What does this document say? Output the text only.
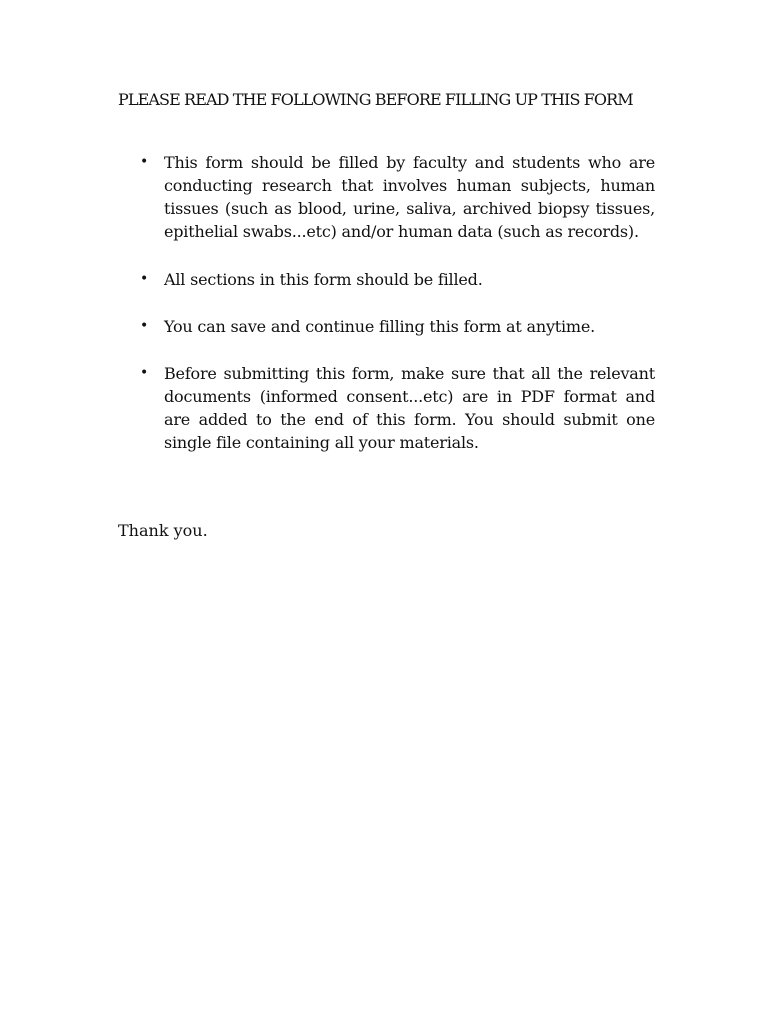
PLEASE READ THE FOLLOWING BEFORE FILLING UP THIS FORM
• This form should be filled by faculty and students who are conducting research that involves human subjects, human tissues (such as blood, urine, saliva, archived biopsy tissues, epithelial swabs...etc) and/or human data (such as records).
• All sections in this form should be filled.
• You can save and continue filling this form at anytime.
• Before submitting this form, make sure that all the relevant documents (informed consent...etc) are in PDF format and are added to the end of this form. You should submit one single file containing all your materials.

Thank you.
